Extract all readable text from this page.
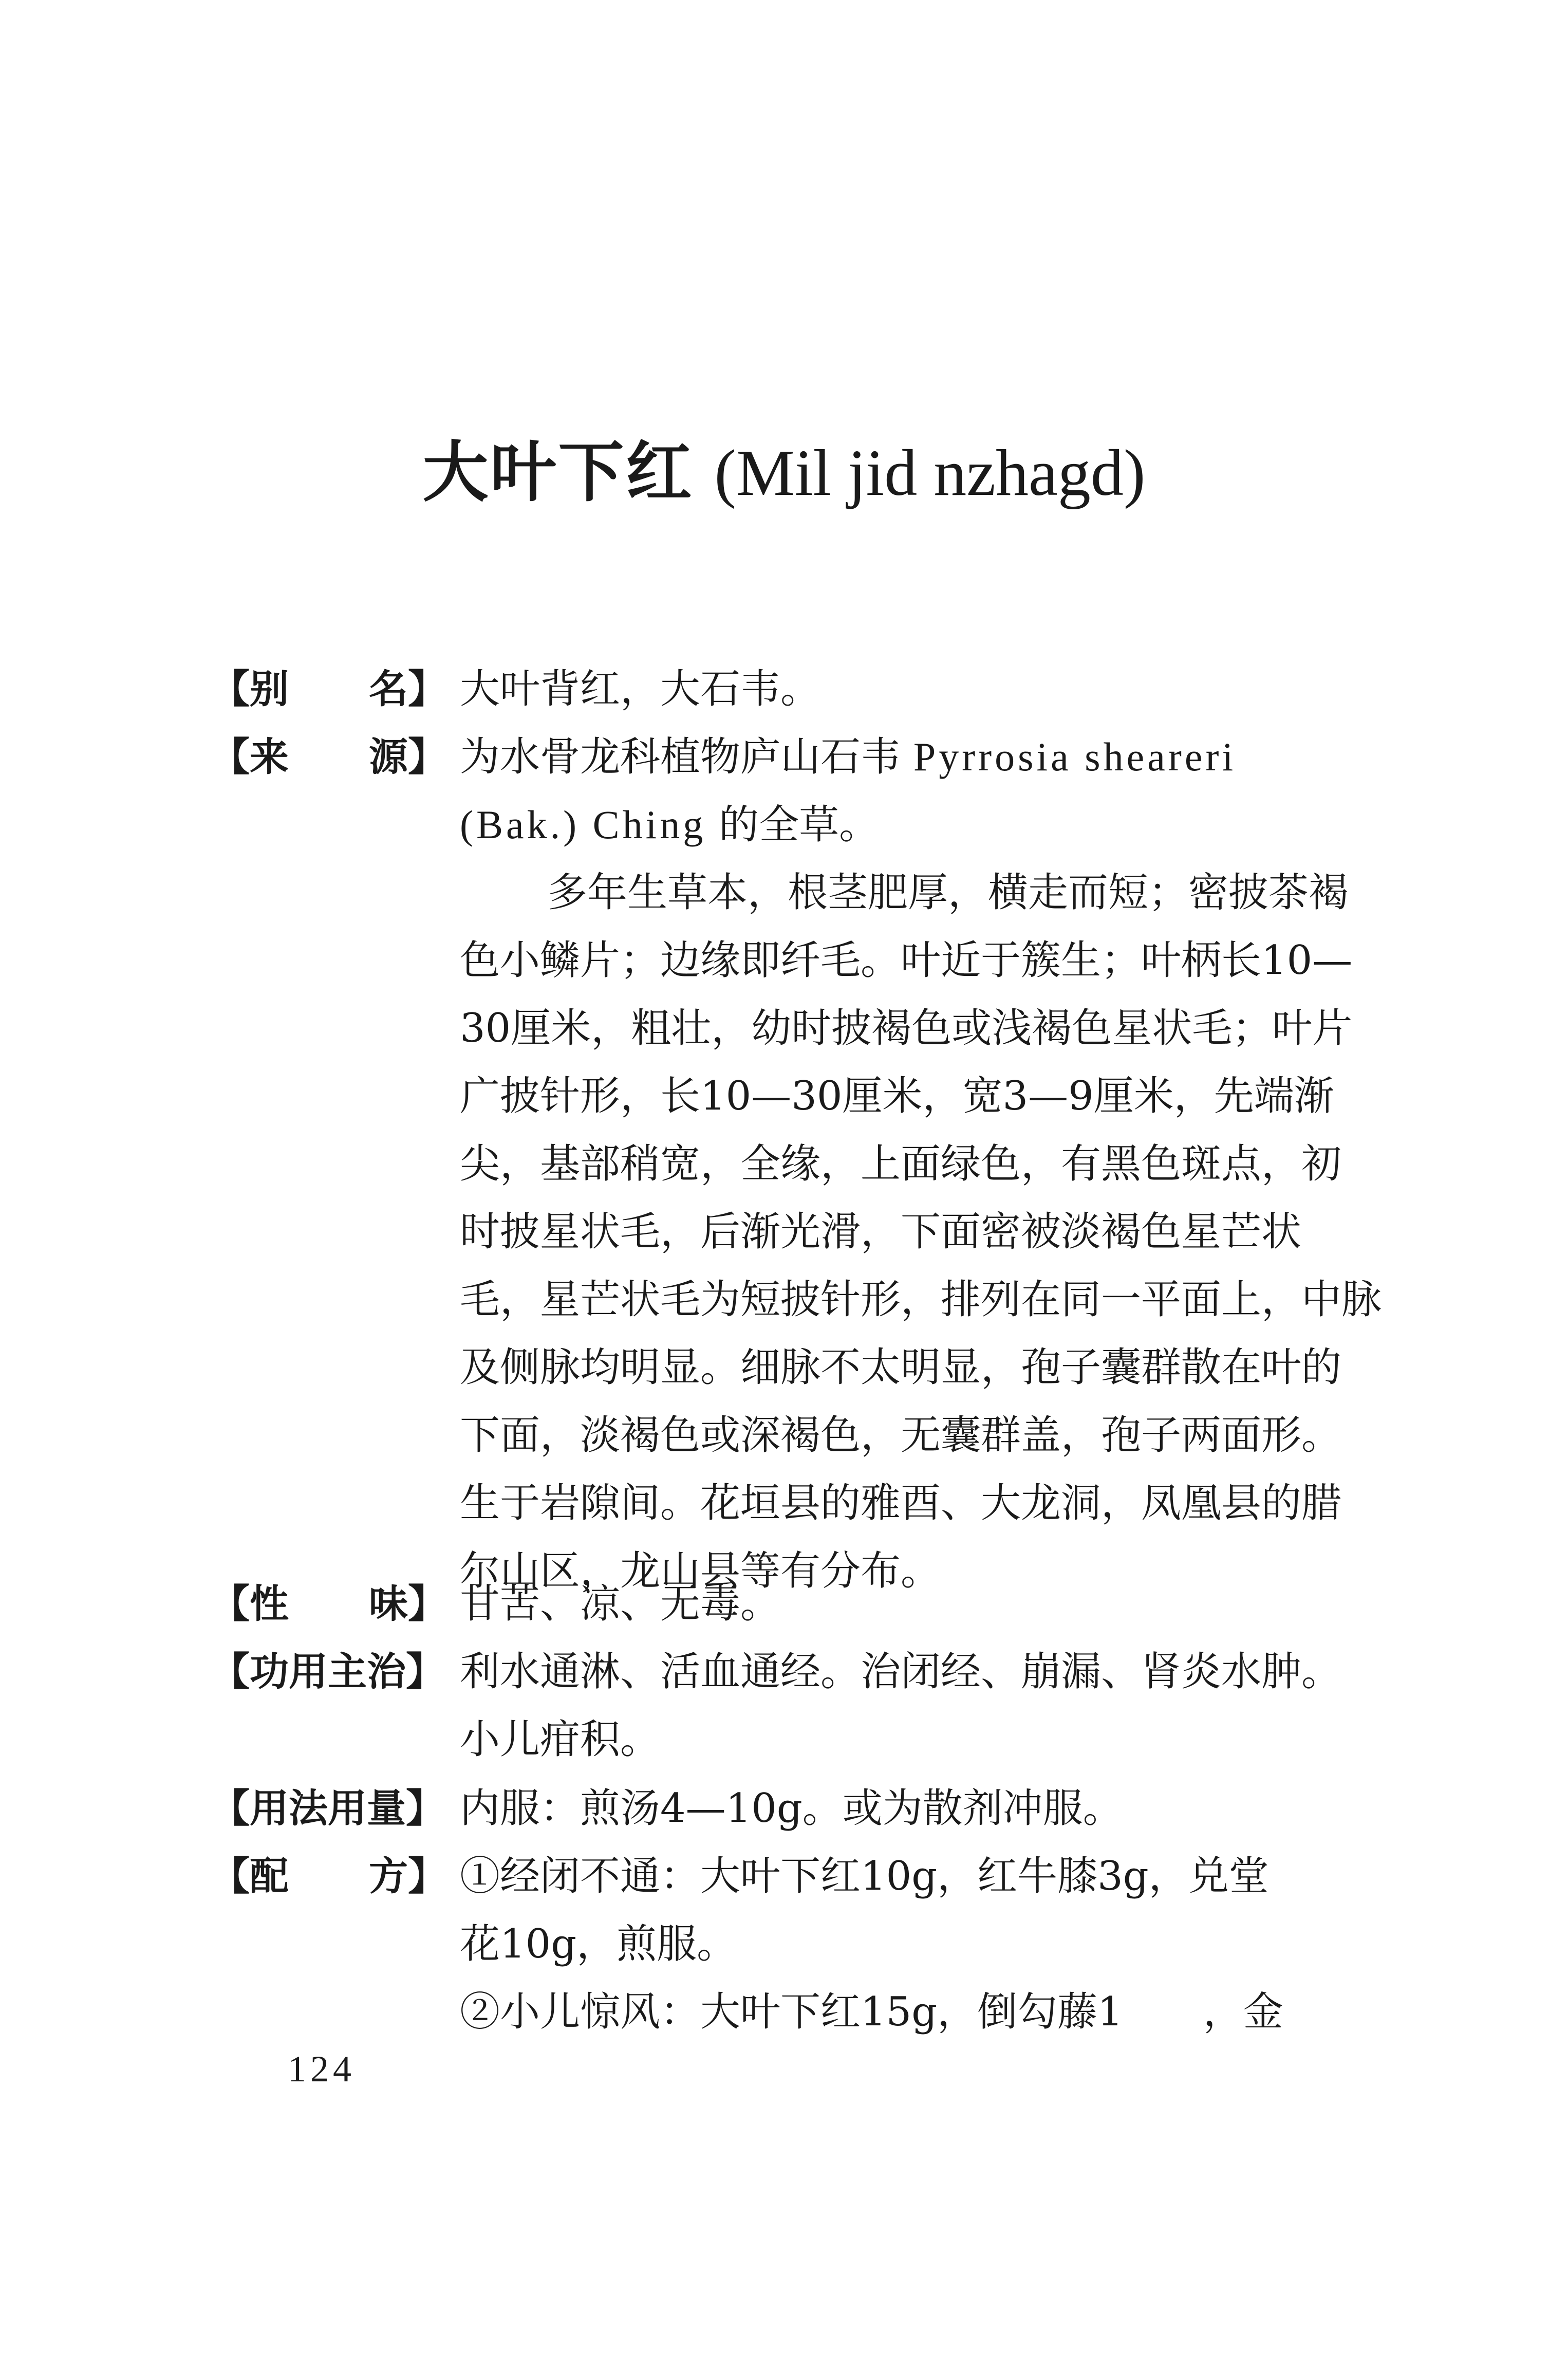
大叶下红 (Mil jid nzhagd)
【别 名】 大叶背红，大石韦。
【来 源】 为水骨龙科植物庐山石韦 Pyrrosia sheareri
(Bak.) Ching 的全草。
多年生草本，根茎肥厚，横走而短；密披茶褐
色小鳞片；边缘即纤毛。叶近于簇生；叶柄长10—
30厘米，粗壮，幼时披褐色或浅褐色星状毛；叶片
广披针形，长10—30厘米，宽3—9厘米，先端渐
尖，基部稍宽，全缘，上面绿色，有黑色斑点，初
时披星状毛，后渐光滑，下面密被淡褐色星芒状
毛，星芒状毛为短披针形，排列在同一平面上，中脉
及侧脉均明显。细脉不太明显，孢子囊群散在叶的
下面，淡褐色或深褐色，无囊群盖，孢子两面形。
生于岩隙间。花垣县的雅酉、大龙洞，凤凰县的腊
尔山区，龙山县等有分布。
【性 味】 甘苦、凉、无毒。
【功用主治】 利水通淋、活血通经。治闭经、崩漏、肾炎水肿。
小儿疳积。
【用法用量】 内服：煎汤4—10g。或为散剂冲服。
【配 方】 ①经闭不通：大叶下红10g，红牛膝3g，兑堂
花10g，煎服。
②小儿惊风：大叶下红15g，倒勾藤1　　，金
124
